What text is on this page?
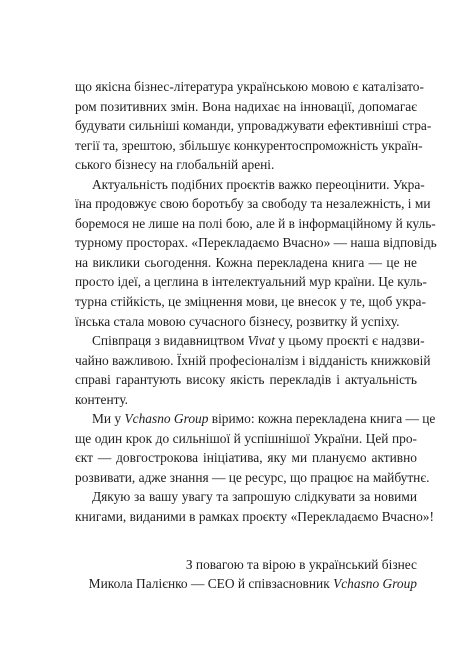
що якісна бізнес-література українською мовою є каталізато-
ром позитивних змін. Вона надихає на інновації, допомагає
будувати сильніші команди, упроваджувати ефективніші стра-
тегії та, зрештою, збільшує конкурентоспроможність україн-
ського бізнесу на глобальній арені.
Актуальність подібних проєктів важко переоцінити. Укра-
їна продовжує свою боротьбу за свободу та незалежність, і ми
боремося не лише на полі бою, але й в інформаційному й куль-
турному просторах. «Перекладаємо Вчасно» — наша відповідь
на виклики сьогодення. Кожна перекладена книга — це не
просто ідеї, а цеглина в інтелектуальний мур країни. Це куль-
турна стійкість, це зміцнення мови, це внесок у те, щоб укра-
їнська стала мовою сучасного бізнесу, розвитку й успіху.
Співпраця з видавництвом Vivat у цьому проєкті є надзви-
чайно важливою. Їхній професіоналізм і відданість книжковій
справі гарантують високу якість перекладів і актуальність
контенту.
Ми у Vchasno Group віримо: кожна перекладена книга — це
ще один крок до сильнішої й успішнішої України. Цей про-
єкт — довгострокова ініціатива, яку ми плануємо активно
розвивати, адже знання — це ресурс, що працює на майбутнє.
Дякую за вашу увагу та запрошую слідкувати за новими
книгами, виданими в рамках проєкту «Перекладаємо Вчасно»!
З повагою та вірою в український бізнес
Микола Палієнко — СЕО й співзасновник Vchasno Group
